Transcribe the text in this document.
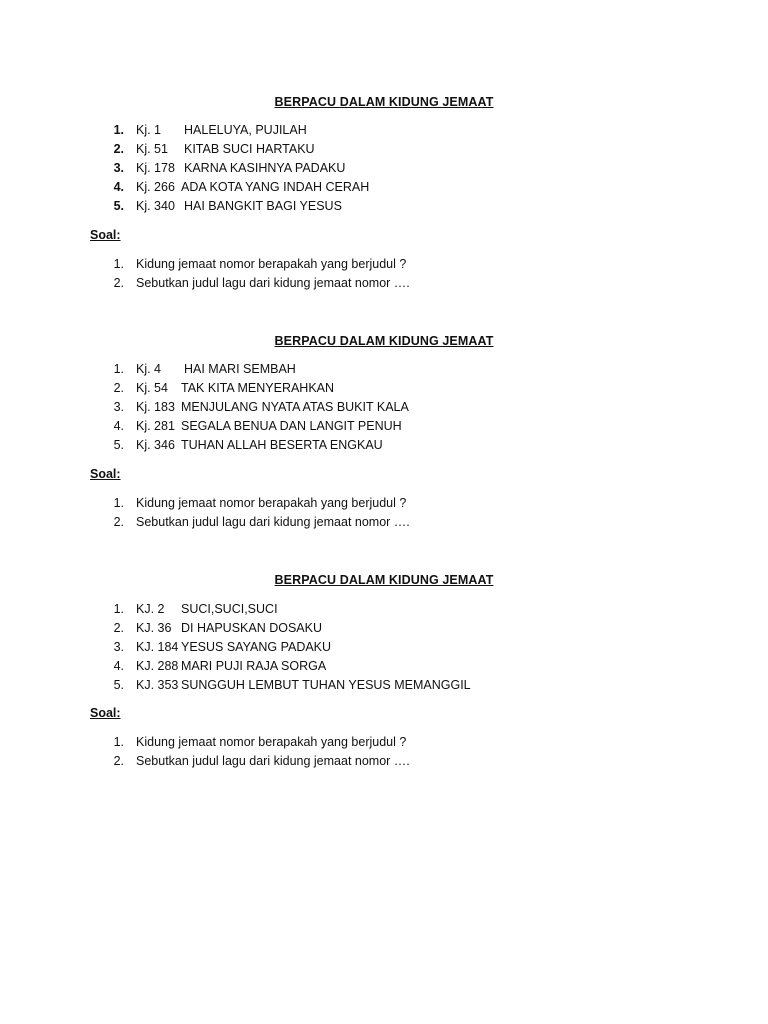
BERPACU DALAM KIDUNG JEMAAT
1. Kj. 1 HALELUYA, PUJILAH
2. Kj. 51 KITAB SUCI HARTAKU
3. Kj. 178 KARNA KASIHNYA PADAKU
4. Kj. 266 ADA KOTA YANG INDAH CERAH
5. Kj. 340 HAI BANGKIT BAGI YESUS
Soal:
1. Kidung jemaat nomor berapakah yang berjudul ?
2. Sebutkan judul lagu dari kidung jemaat nomor ….
BERPACU DALAM KIDUNG JEMAAT
1. Kj. 4 HAI MARI SEMBAH
2. Kj. 54 TAK KITA MENYERAHKAN
3. Kj. 183 MENJULANG NYATA ATAS BUKIT KALA
4. Kj. 281 SEGALA BENUA DAN LANGIT PENUH
5. Kj. 346 TUHAN ALLAH BESERTA ENGKAU
Soal:
1. Kidung jemaat nomor berapakah yang berjudul ?
2. Sebutkan judul lagu dari kidung jemaat nomor ….
BERPACU DALAM KIDUNG JEMAAT
1. KJ. 2 SUCI,SUCI,SUCI
2. KJ. 36 DI HAPUSKAN DOSAKU
3. KJ. 184 YESUS SAYANG PADAKU
4. KJ. 288 MARI PUJI RAJA SORGA
5. KJ. 353 SUNGGUH LEMBUT TUHAN YESUS MEMANGGIL
Soal:
1. Kidung jemaat nomor berapakah yang berjudul ?
2. Sebutkan judul lagu dari kidung jemaat nomor ….
